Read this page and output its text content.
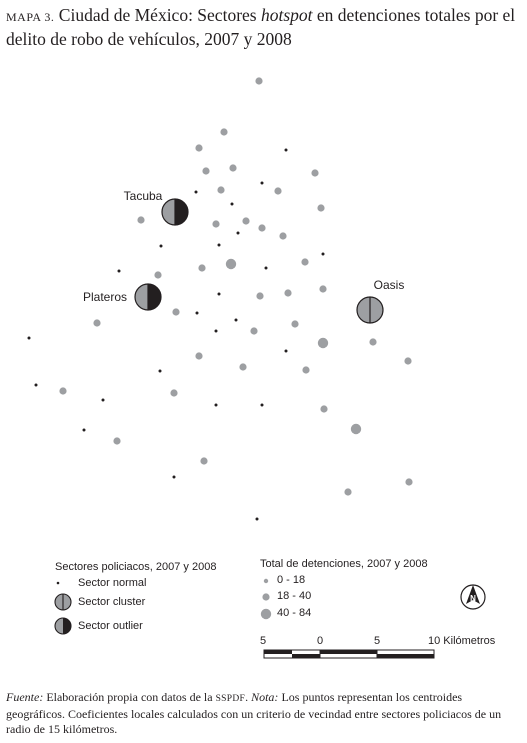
MAPA 3. Ciudad de México: Sectores hotspot en detenciones totales por el delito de robo de vehículos, 2007 y 2008
Tacuba
Plateros
Oasis
N
Sectores policiacos, 2007 y 2008
Sector normal
Sector cluster
Sector outlier
Total de detenciones, 2007 y 2008
0 - 18
18 - 40
40 - 84
5	0	5	10 Kilómetros
Fuente: Elaboración propia con datos de la SSPDF. Nota: Los puntos representan los centroides geográficos. Coeficientes locales calculados con un criterio de vecindad entre sectores policiacos de un radio de 15 kilómetros.
